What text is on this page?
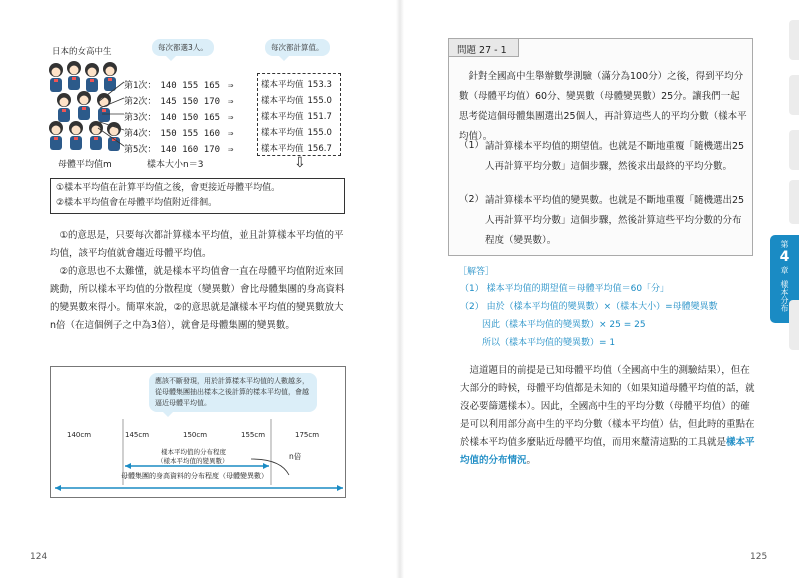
日本的女高中生	每次都選3人。	每次都計算值。
第1次： 140 155 165 ⇒	樣本平均值 153.3
第2次： 145 150 170 ⇒	樣本平均值 155.0
第3次： 140 150 165 ⇒	樣本平均值 151.7
第4次： 150 155 160 ⇒	樣本平均值 155.0
第5次： 140 160 170 ⇒	樣本平均值 156.7
母體平均值m	樣本大小n＝3	⇩
①樣本平均值在計算平均值之後，會更接近母體平均值。
②樣本平均值會在母體平均值附近徘徊。
①的意思是，只要每次都計算樣本平均值，並且計算樣本平均值的平均值，該平均值就會趨近母體平均值。
②的意思也不太難懂，就是樣本平均值會一直在母體平均值附近來回跳動，所以樣本平均值的分散程度（變異數）會比母體集團的身高資料的變異數來得小。簡單來說，②的意思就是讓樣本平均值的變異數放大n倍（在這個例子之中為3倍），就會是母體集團的變異數。
應該不斷發現，用於計算樣本平均值的人數越多，從母體集團抽出樣本之後計算的樣本平均值，會越逼近母體平均值。
140cm	145cm	150cm	155cm	175cm
樣本平均值的分布程度
（樣本平均值的變異數）	n倍
母體集團的身高資料的分布程度（母體變異數）
124
問題 27 - 1
針對全國高中生舉辦數學測驗（滿分為100分）之後，得到平均分數（母體平均值）60分、變異數（母體變異數）25分。讓我們一起思考從這個母體集團選出25個人，再計算這些人的平均分數（樣本平均值）。
（1） 請計算樣本平均值的期望值。也就是不斷地重覆「隨機選出25人再計算平均分數」這個步驟，然後求出最終的平均分數。
（2） 請計算樣本平均值的變異數。也就是不斷地重覆「隨機選出25人再計算平均分數」這個步驟，然後計算這些平均分數的分布程度（變異數）。
［解答］
（1） 樣本平均值的期望值＝母體平均值＝60「分」
（2） 由於（樣本平均值的變異數）×（樣本大小）=母體變異數
因此（樣本平均值的變異數）× 25 = 25
所以（樣本平均值的變異數）= 1
這道題目的前提是已知母體平均值（全國高中生的測驗結果），但在大部分的時候，母體平均值都是未知的（如果知道母體平均值的話，就沒必要篩選樣本）。因此，全國高中生的平均分數（母體平均值）的確是可以利用部分高中生的平均分數（樣本平均值）估，但此時的重點在於樣本平均值多麼貼近母體平均值，而用來釐清這點的工具就是樣本平均值的分布情況。
125
第
4
章
樣本分布
